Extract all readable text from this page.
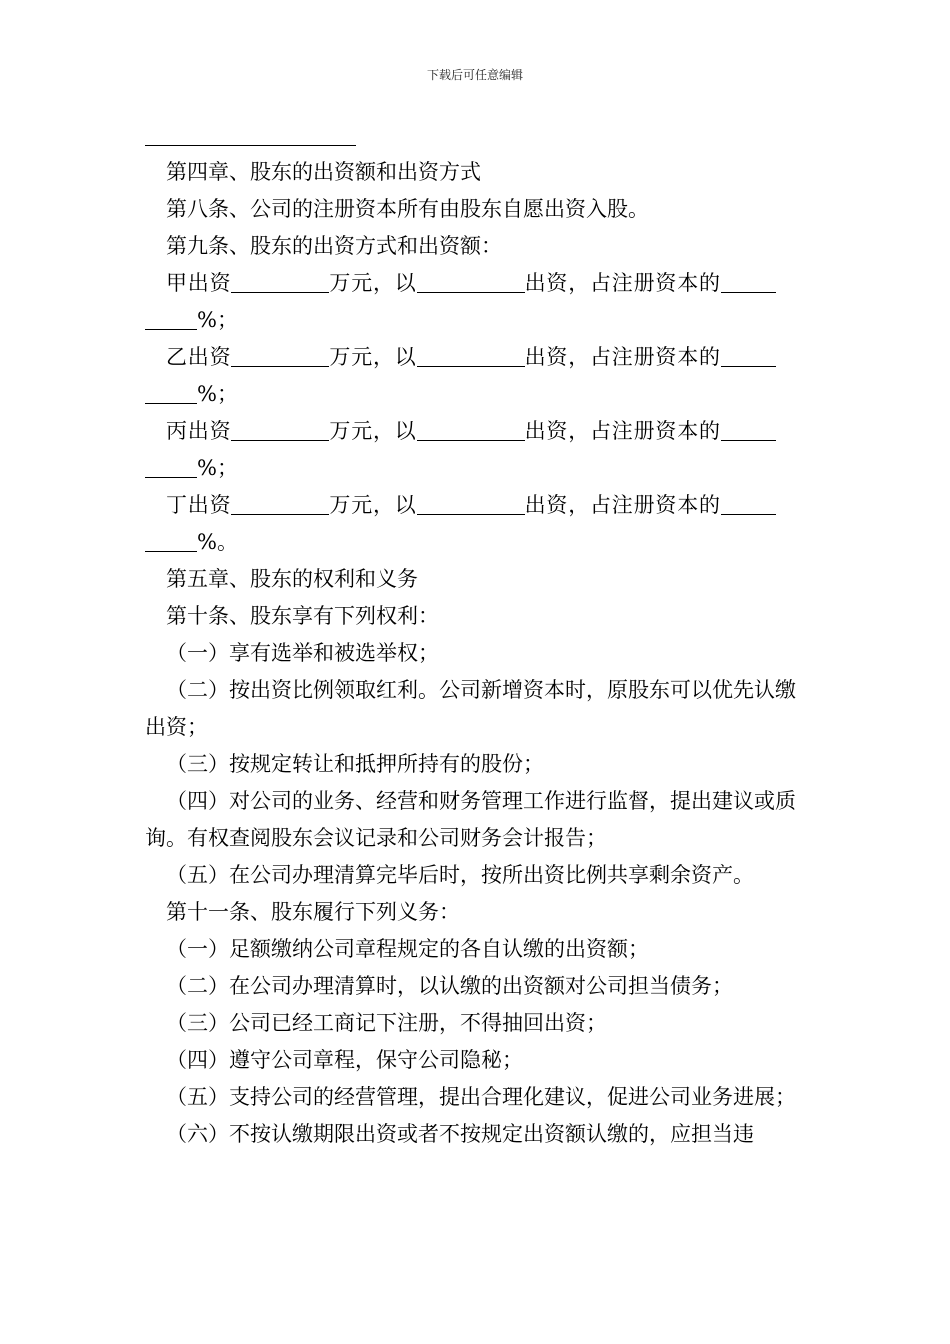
下载后可任意编辑
第四章、股东的出资额和出资方式
第八条、公司的注册资本所有由股东自愿出资入股。
第九条、股东的出资方式和出资额：
甲出资	万元，以	出资，占注册资本的
%；
乙出资	万元，以	出资，占注册资本的
%；
丙出资	万元，以	出资，占注册资本的
%；
丁出资	万元，以	出资，占注册资本的
%。
第五章、股东的权利和义务
第十条、股东享有下列权利：
（一）享有选举和被选举权；
（二）按出资比例领取红利。公司新增资本时，原股东可以优先认缴出资；
（三）按规定转让和抵押所持有的股份；
（四）对公司的业务、经营和财务管理工作进行监督，提出建议或质询。有权查阅股东会议记录和公司财务会计报告；
（五）在公司办理清算完毕后时，按所出资比例共享剩余资产。
第十一条、股东履行下列义务：
（一）足额缴纳公司章程规定的各自认缴的出资额；
（二）在公司办理清算时，以认缴的出资额对公司担当债务；
（三）公司已经工商记下注册，不得抽回出资；
（四）遵守公司章程，保守公司隐秘；
（五）支持公司的经营管理，提出合理化建议，促进公司业务进展；
（六）不按认缴期限出资或者不按规定出资额认缴的，应担当违
